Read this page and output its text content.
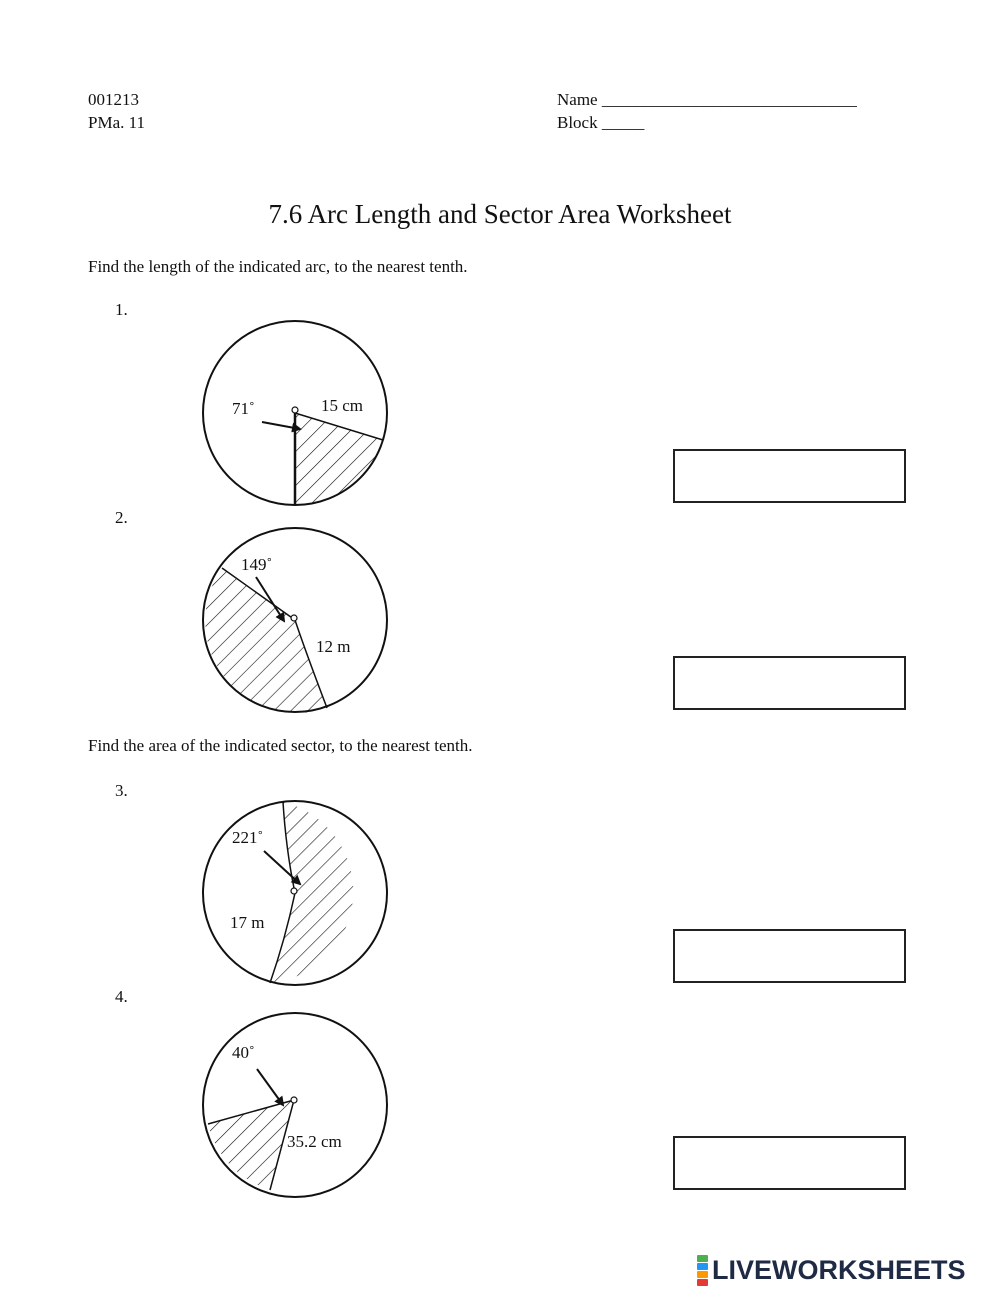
001213
PMa. 11
Name ______________________________
Block _____
7.6 Arc Length and Sector Area Worksheet
Find the length of the indicated arc, to the nearest tenth.
1.
71˚	15 cm
2.
149˚
12 m
Find the area of the indicated sector, to the nearest tenth.
3.
221˚
17 m
4.
40˚
35.2 cm
LIVEWORKSHEETS
